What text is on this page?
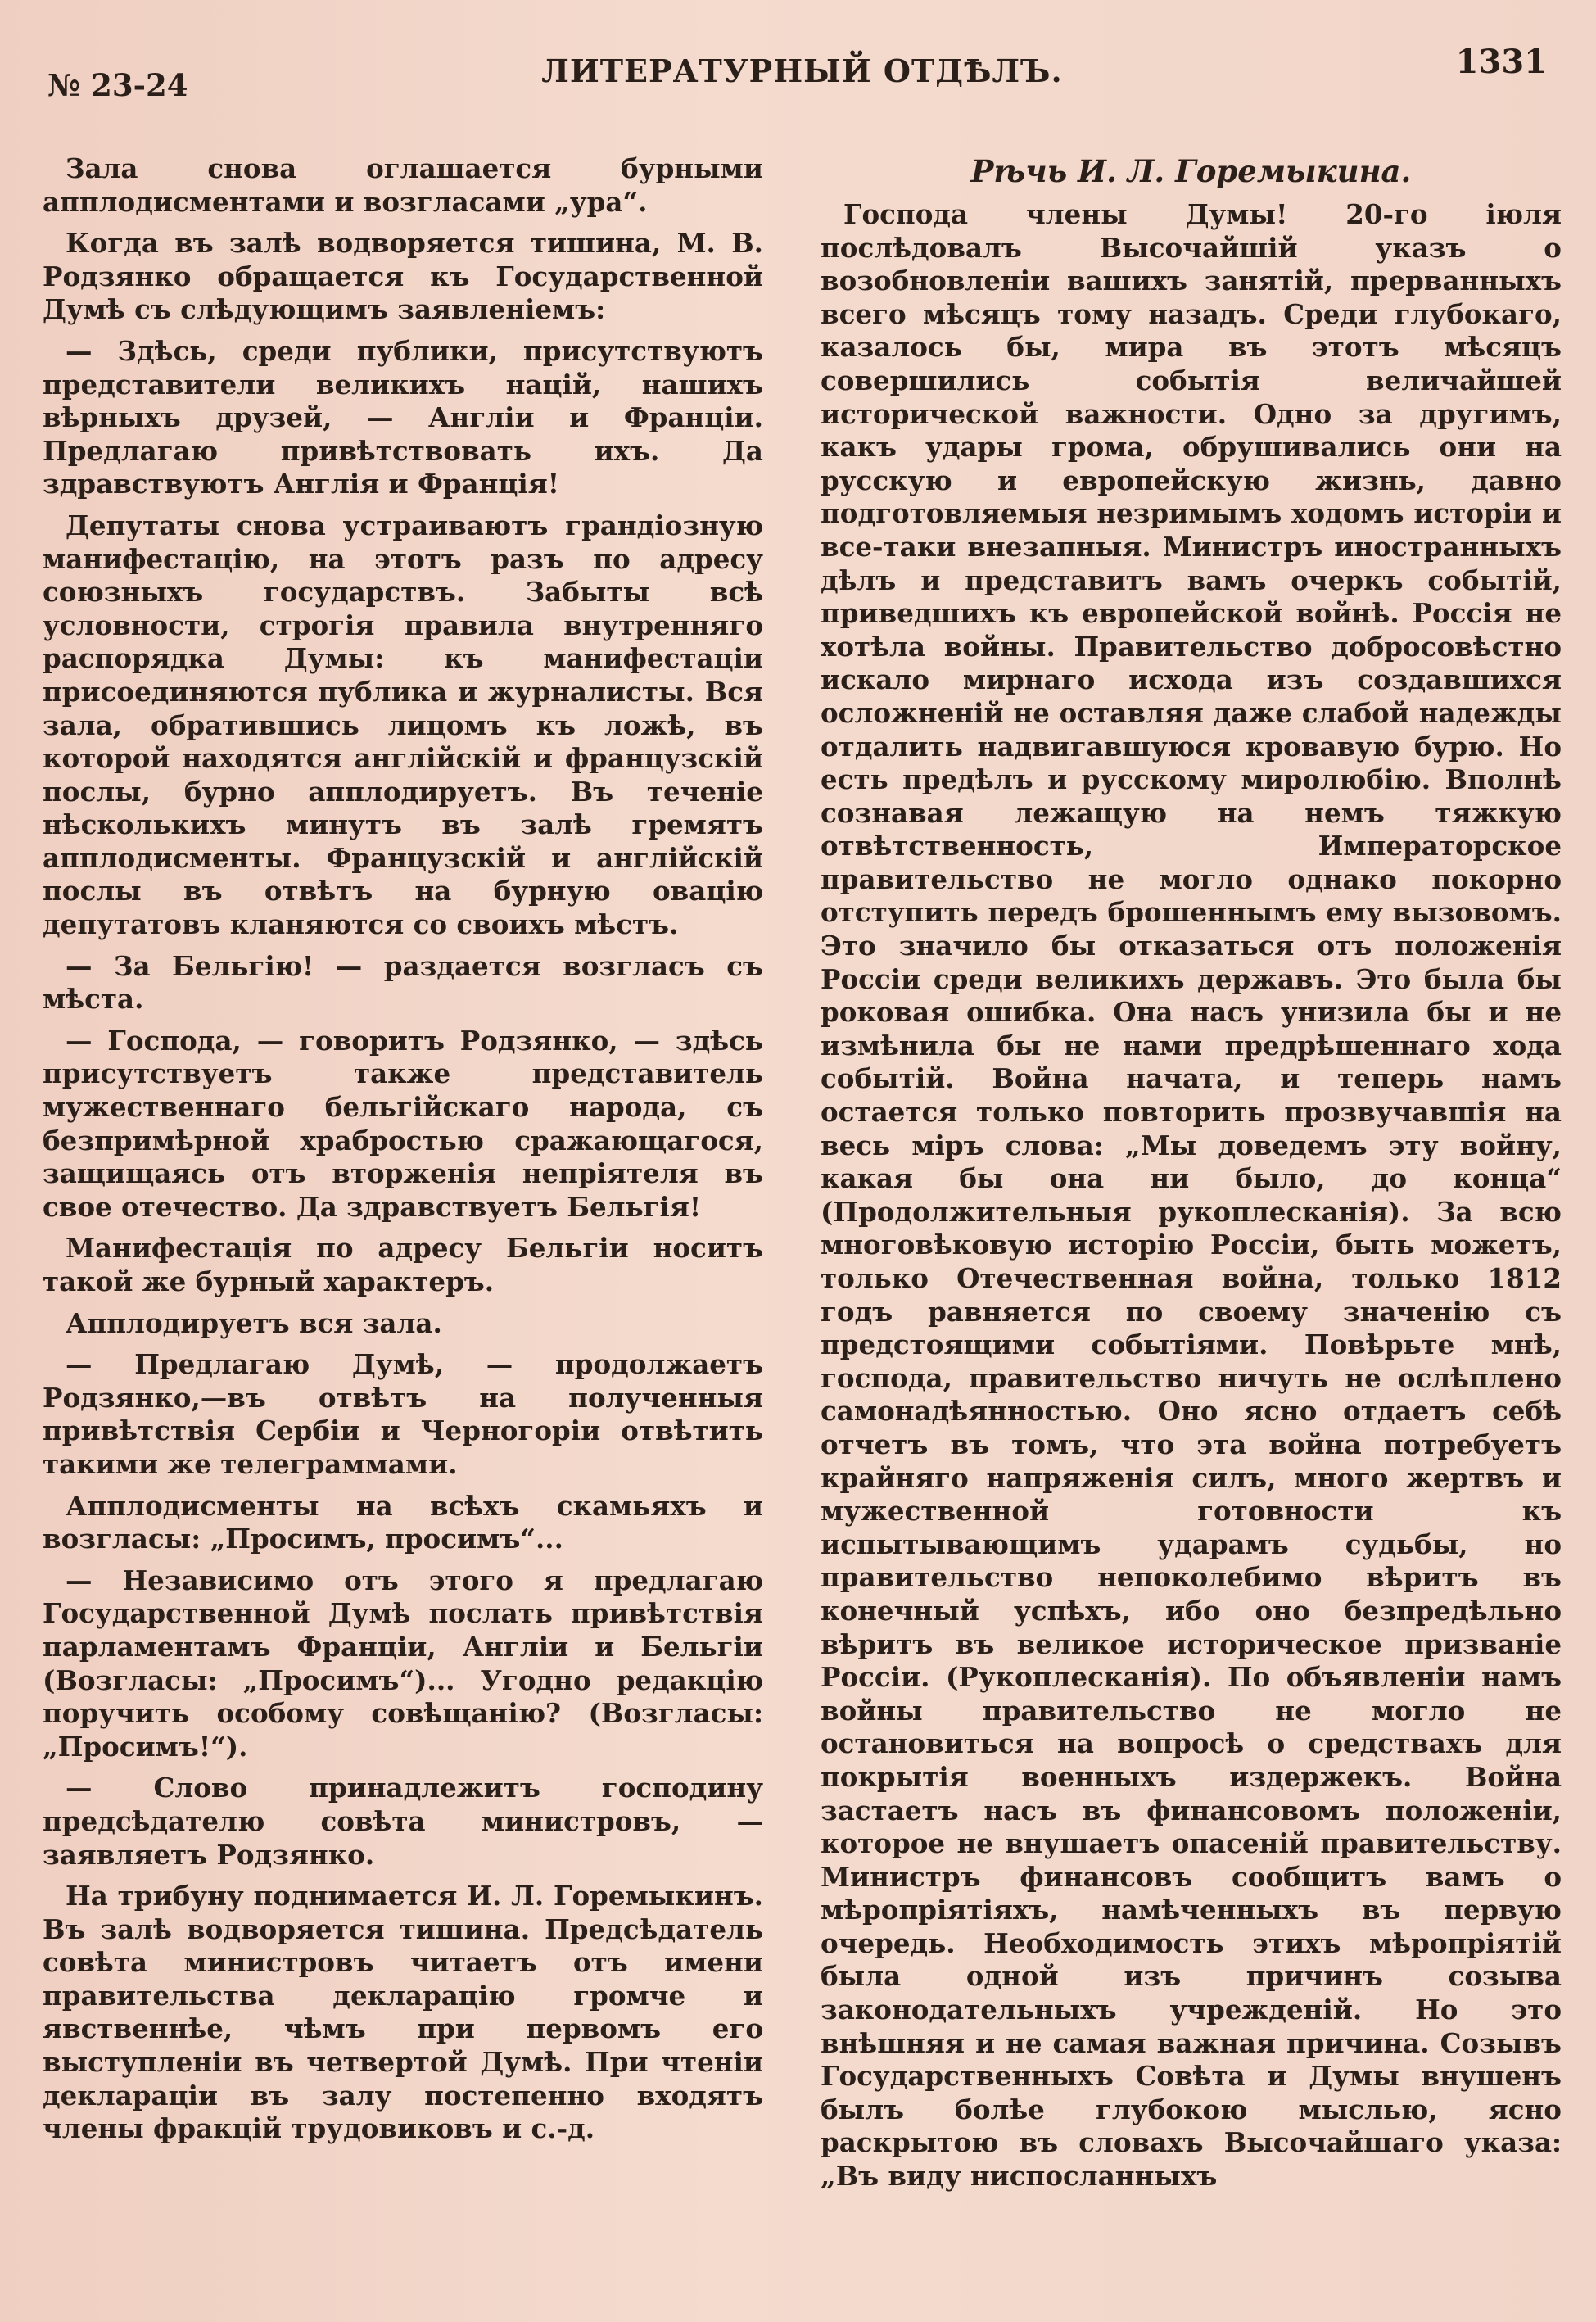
№ 23-24	ЛИТЕРАТУРНЫЙ ОТДѢЛЪ.	1331

Зала снова оглашается бурными апплодисментами и возгласами „ура“.

Когда въ залѣ водворяется тишина, М. В. Родзянко обращается къ Государственной Думѣ съ слѣдующимъ заявленіемъ:

— Здѣсь, среди публики, присутствуютъ представители великихъ націй, нашихъ вѣрныхъ друзей, — Англіи и Франціи. Предлагаю привѣтствовать ихъ. Да здравствуютъ Англія и Франція!

Депутаты снова устраиваютъ грандіозную манифестацію, на этотъ разъ по адресу союзныхъ государствъ. Забыты всѣ условности, строгія правила внутренняго распорядка Думы: къ манифестаціи присоединяются публика и журналисты. Вся зала, обратившись лицомъ къ ложѣ, въ которой находятся англійскій и французскій послы, бурно апплодируетъ. Въ теченіе нѣсколькихъ минутъ въ залѣ гремятъ апплодисменты. Французскій и англійскій послы въ отвѣтъ на бурную овацію депутатовъ кланяются со своихъ мѣстъ.

— За Бельгію! — раздается возгласъ съ мѣста.

— Господа, — говоритъ Родзянко, — здѣсь присутствуетъ также представитель мужественнаго бельгійскаго народа, съ безпримѣрной храбростью сражающагося, защищаясь отъ вторженія непріятеля въ свое отечество. Да здравствуетъ Бельгія!

Манифестація по адресу Бельгіи носитъ такой же бурный характеръ.

Апплодируетъ вся зала.

— Предлагаю Думѣ, — продолжаетъ Родзянко,—въ отвѣтъ на полученныя привѣтствія Сербіи и Черногоріи отвѣтить такими же телеграммами.

Апплодисменты на всѣхъ скамьяхъ и возгласы: „Просимъ, просимъ“...

— Независимо отъ этого я предлагаю Государственной Думѣ послать привѣтствія парламентамъ Франціи, Англіи и Бельгіи (Возгласы: „Просимъ“)... Угодно редакцію поручить особому совѣщанію? (Возгласы: „Просимъ!“).

— Слово принадлежитъ господину предсѣдателю совѣта министровъ, — заявляетъ Родзянко.

На трибуну поднимается И. Л. Горемыкинъ. Въ залѣ водворяется тишина. Предсѣдатель совѣта министровъ читаетъ отъ имени правительства декларацію громче и явственнѣе, чѣмъ при первомъ его выступленіи въ четвертой Думѣ. При чтеніи деклараціи въ залу постепенно входятъ члены фракцій трудовиковъ и с.-д.

Рѣчь И. Л. Горемыкина.

Господа члены Думы! 20-го іюля послѣдовалъ Высочайшій указъ о возобновленіи вашихъ занятій, прерванныхъ всего мѣсяцъ тому назадъ. Среди глубокаго, казалось бы, мира въ этотъ мѣсяцъ совершились событія величайшей исторической важности. Одно за другимъ, какъ удары грома, обрушивались они на русскую и европейскую жизнь, давно подготовляемыя незримымъ ходомъ исторіи и все-таки внезапныя. Министръ иностранныхъ дѣлъ и представитъ вамъ очеркъ событій, приведшихъ къ европейской войнѣ. Россія не хотѣла войны. Правительство добросовѣстно искало мирнаго исхода изъ создавшихся осложненій не оставляя даже слабой надежды отдалить надвигавшуюся кровавую бурю. Но есть предѣлъ и русскому миролюбію. Вполнѣ сознавая лежащую на немъ тяжкую отвѣтственность, Императорское правительство не могло однако покорно отступить передъ брошеннымъ ему вызовомъ. Это значило бы отказаться отъ положенія Россіи среди великихъ державъ. Это была бы роковая ошибка. Она насъ унизила бы и не измѣнила бы не нами предрѣшеннаго хода событій. Война начата, и теперь намъ остается только повторить прозвучавшія на весь міръ слова: „Мы доведемъ эту войну, какая бы она ни было, до конца“ (Продолжительныя рукоплесканія). За всю многовѣковую исторію Россіи, быть можетъ, только Отечественная война, только 1812 годъ равняется по своему значенію съ предстоящими событіями. Повѣрьте мнѣ, господа, правительство ничуть не ослѣплено самонадѣянностью. Оно ясно отдаетъ себѣ отчетъ въ томъ, что эта война потребуетъ крайняго напряженія силъ, много жертвъ и мужественной готовности къ испытывающимъ ударамъ судьбы, но правительство непоколебимо вѣритъ въ конечный успѣхъ, ибо оно безпредѣльно вѣритъ въ великое историческое призваніе Россіи. (Рукоплесканія). По объявленіи намъ войны правительство не могло не остановиться на вопросѣ о средствахъ для покрытія военныхъ издержекъ. Война застаетъ насъ въ финансовомъ положеніи, которое не внушаетъ опасеній правительству. Министръ финансовъ сообщитъ вамъ о мѣропріятіяхъ, намѣченныхъ въ первую очередь. Необходимость этихъ мѣропріятій была одной изъ причинъ созыва законодательныхъ учрежденій. Но это внѣшняя и не самая важная причина. Созывъ Государственныхъ Совѣта и Думы внушенъ былъ болѣе глубокою мыслью, ясно раскрытою въ словахъ Высочайшаго указа: „Въ виду ниспосланныхъ
